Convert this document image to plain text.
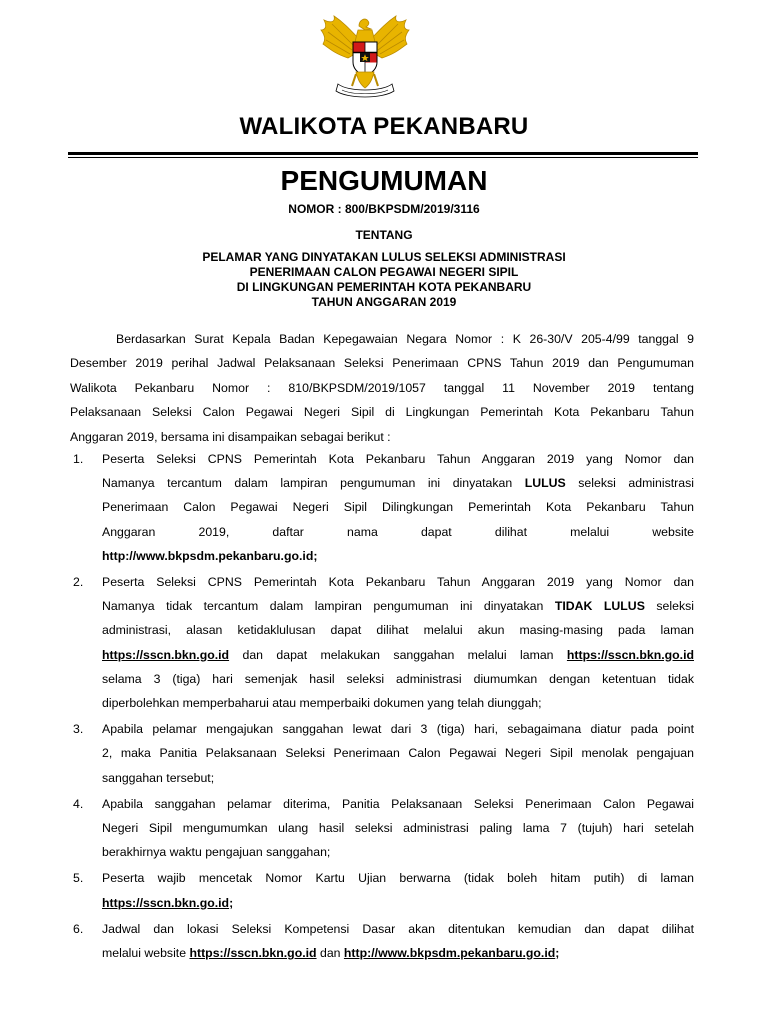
WALIKOTA PEKANBARU
PENGUMUMAN
NOMOR : 800/BKPSDM/2019/3116
TENTANG
PELAMAR YANG DINYATAKAN LULUS SELEKSI ADMINISTRASI
PENERIMAAN CALON PEGAWAI NEGERI SIPIL
DI LINGKUNGAN PEMERINTAH KOTA PEKANBARU
TAHUN ANGGARAN 2019
Berdasarkan Surat Kepala Badan Kepegawaian Negara Nomor : K 26-30/V 205-4/99 tanggal 9
Desember 2019 perihal Jadwal Pelaksanaan Seleksi Penerimaan CPNS Tahun 2019 dan Pengumuman
Walikota Pekanbaru Nomor : 810/BKPSDM/2019/1057 tanggal 11 November 2019 tentang
Pelaksanaan Seleksi Calon Pegawai Negeri Sipil di Lingkungan Pemerintah Kota Pekanbaru Tahun
Anggaran 2019, bersama ini disampaikan sebagai berikut :
1. Peserta Seleksi CPNS Pemerintah Kota Pekanbaru Tahun Anggaran 2019 yang Nomor dan
Namanya tercantum dalam lampiran pengumuman ini dinyatakan LULUS seleksi administrasi
Penerimaan Calon Pegawai Negeri Sipil Dilingkungan Pemerintah Kota Pekanbaru Tahun
Anggaran 2019, daftar nama dapat dilihat melalui website
http://www.bkpsdm.pekanbaru.go.id;
2. Peserta Seleksi CPNS Pemerintah Kota Pekanbaru Tahun Anggaran 2019 yang Nomor dan
Namanya tidak tercantum dalam lampiran pengumuman ini dinyatakan TIDAK LULUS seleksi
administrasi, alasan ketidaklulusan dapat dilihat melalui akun masing-masing pada laman
https://sscn.bkn.go.id dan dapat melakukan sanggahan melalui laman https://sscn.bkn.go.id
selama 3 (tiga) hari semenjak hasil seleksi administrasi diumumkan dengan ketentuan tidak
diperbolehkan memperbaharui atau memperbaiki dokumen yang telah diunggah;
3. Apabila pelamar mengajukan sanggahan lewat dari 3 (tiga) hari, sebagaimana diatur pada point
2, maka Panitia Pelaksanaan Seleksi Penerimaan Calon Pegawai Negeri Sipil menolak pengajuan
sanggahan tersebut;
4. Apabila sanggahan pelamar diterima, Panitia Pelaksanaan Seleksi Penerimaan Calon Pegawai
Negeri Sipil mengumumkan ulang hasil seleksi administrasi paling lama 7 (tujuh) hari setelah
berakhirnya waktu pengajuan sanggahan;
5. Peserta wajib mencetak Nomor Kartu Ujian berwarna (tidak boleh hitam putih) di laman
https://sscn.bkn.go.id;
6. Jadwal dan lokasi Seleksi Kompetensi Dasar akan ditentukan kemudian dan dapat dilihat
melalui website https://sscn.bkn.go.id dan http://www.bkpsdm.pekanbaru.go.id;
